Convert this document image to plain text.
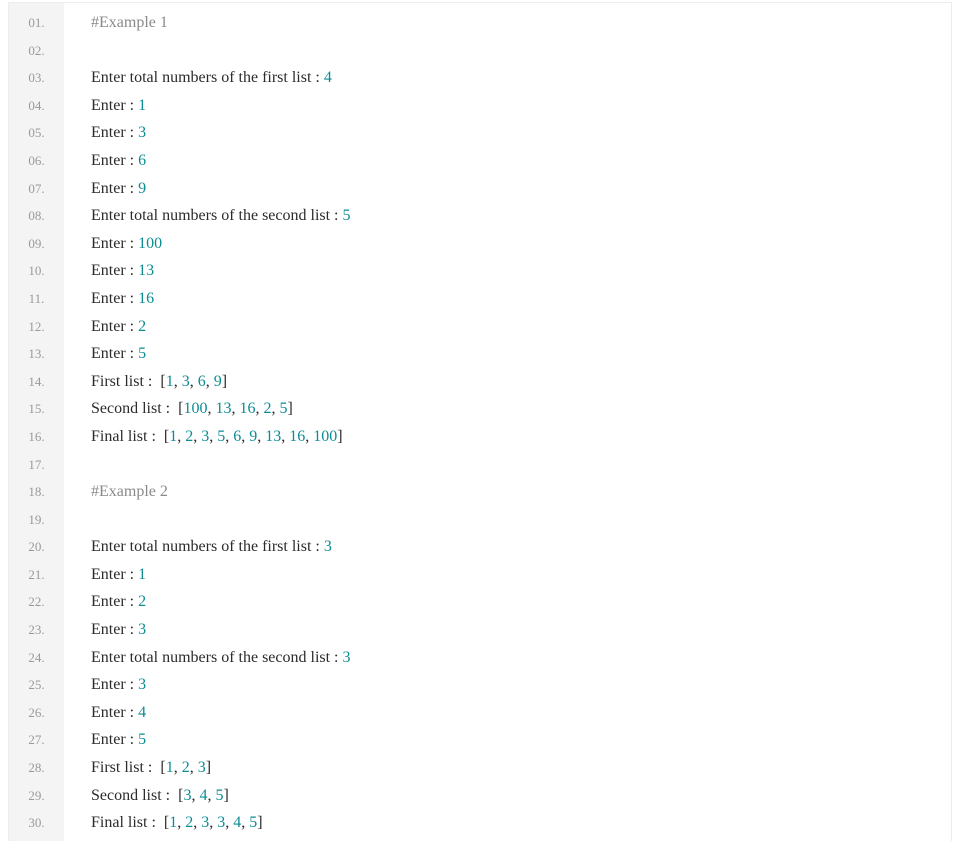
01.	#Example 1
02.
03.	Enter total numbers of the first list : 4
04.	Enter : 1
05.	Enter : 3
06.	Enter : 6
07.	Enter : 9
08.	Enter total numbers of the second list : 5
09.	Enter : 100
10.	Enter : 13
11.	Enter : 16
12.	Enter : 2
13.	Enter : 5
14.	First list :  [1, 3, 6, 9]
15.	Second list :  [100, 13, 16, 2, 5]
16.	Final list :  [1, 2, 3, 5, 6, 9, 13, 16, 100]
17.
18.	#Example 2
19.
20.	Enter total numbers of the first list : 3
21.	Enter : 1
22.	Enter : 2
23.	Enter : 3
24.	Enter total numbers of the second list : 3
25.	Enter : 3
26.	Enter : 4
27.	Enter : 5
28.	First list :  [1, 2, 3]
29.	Second list :  [3, 4, 5]
30.	Final list :  [1, 2, 3, 3, 4, 5]
